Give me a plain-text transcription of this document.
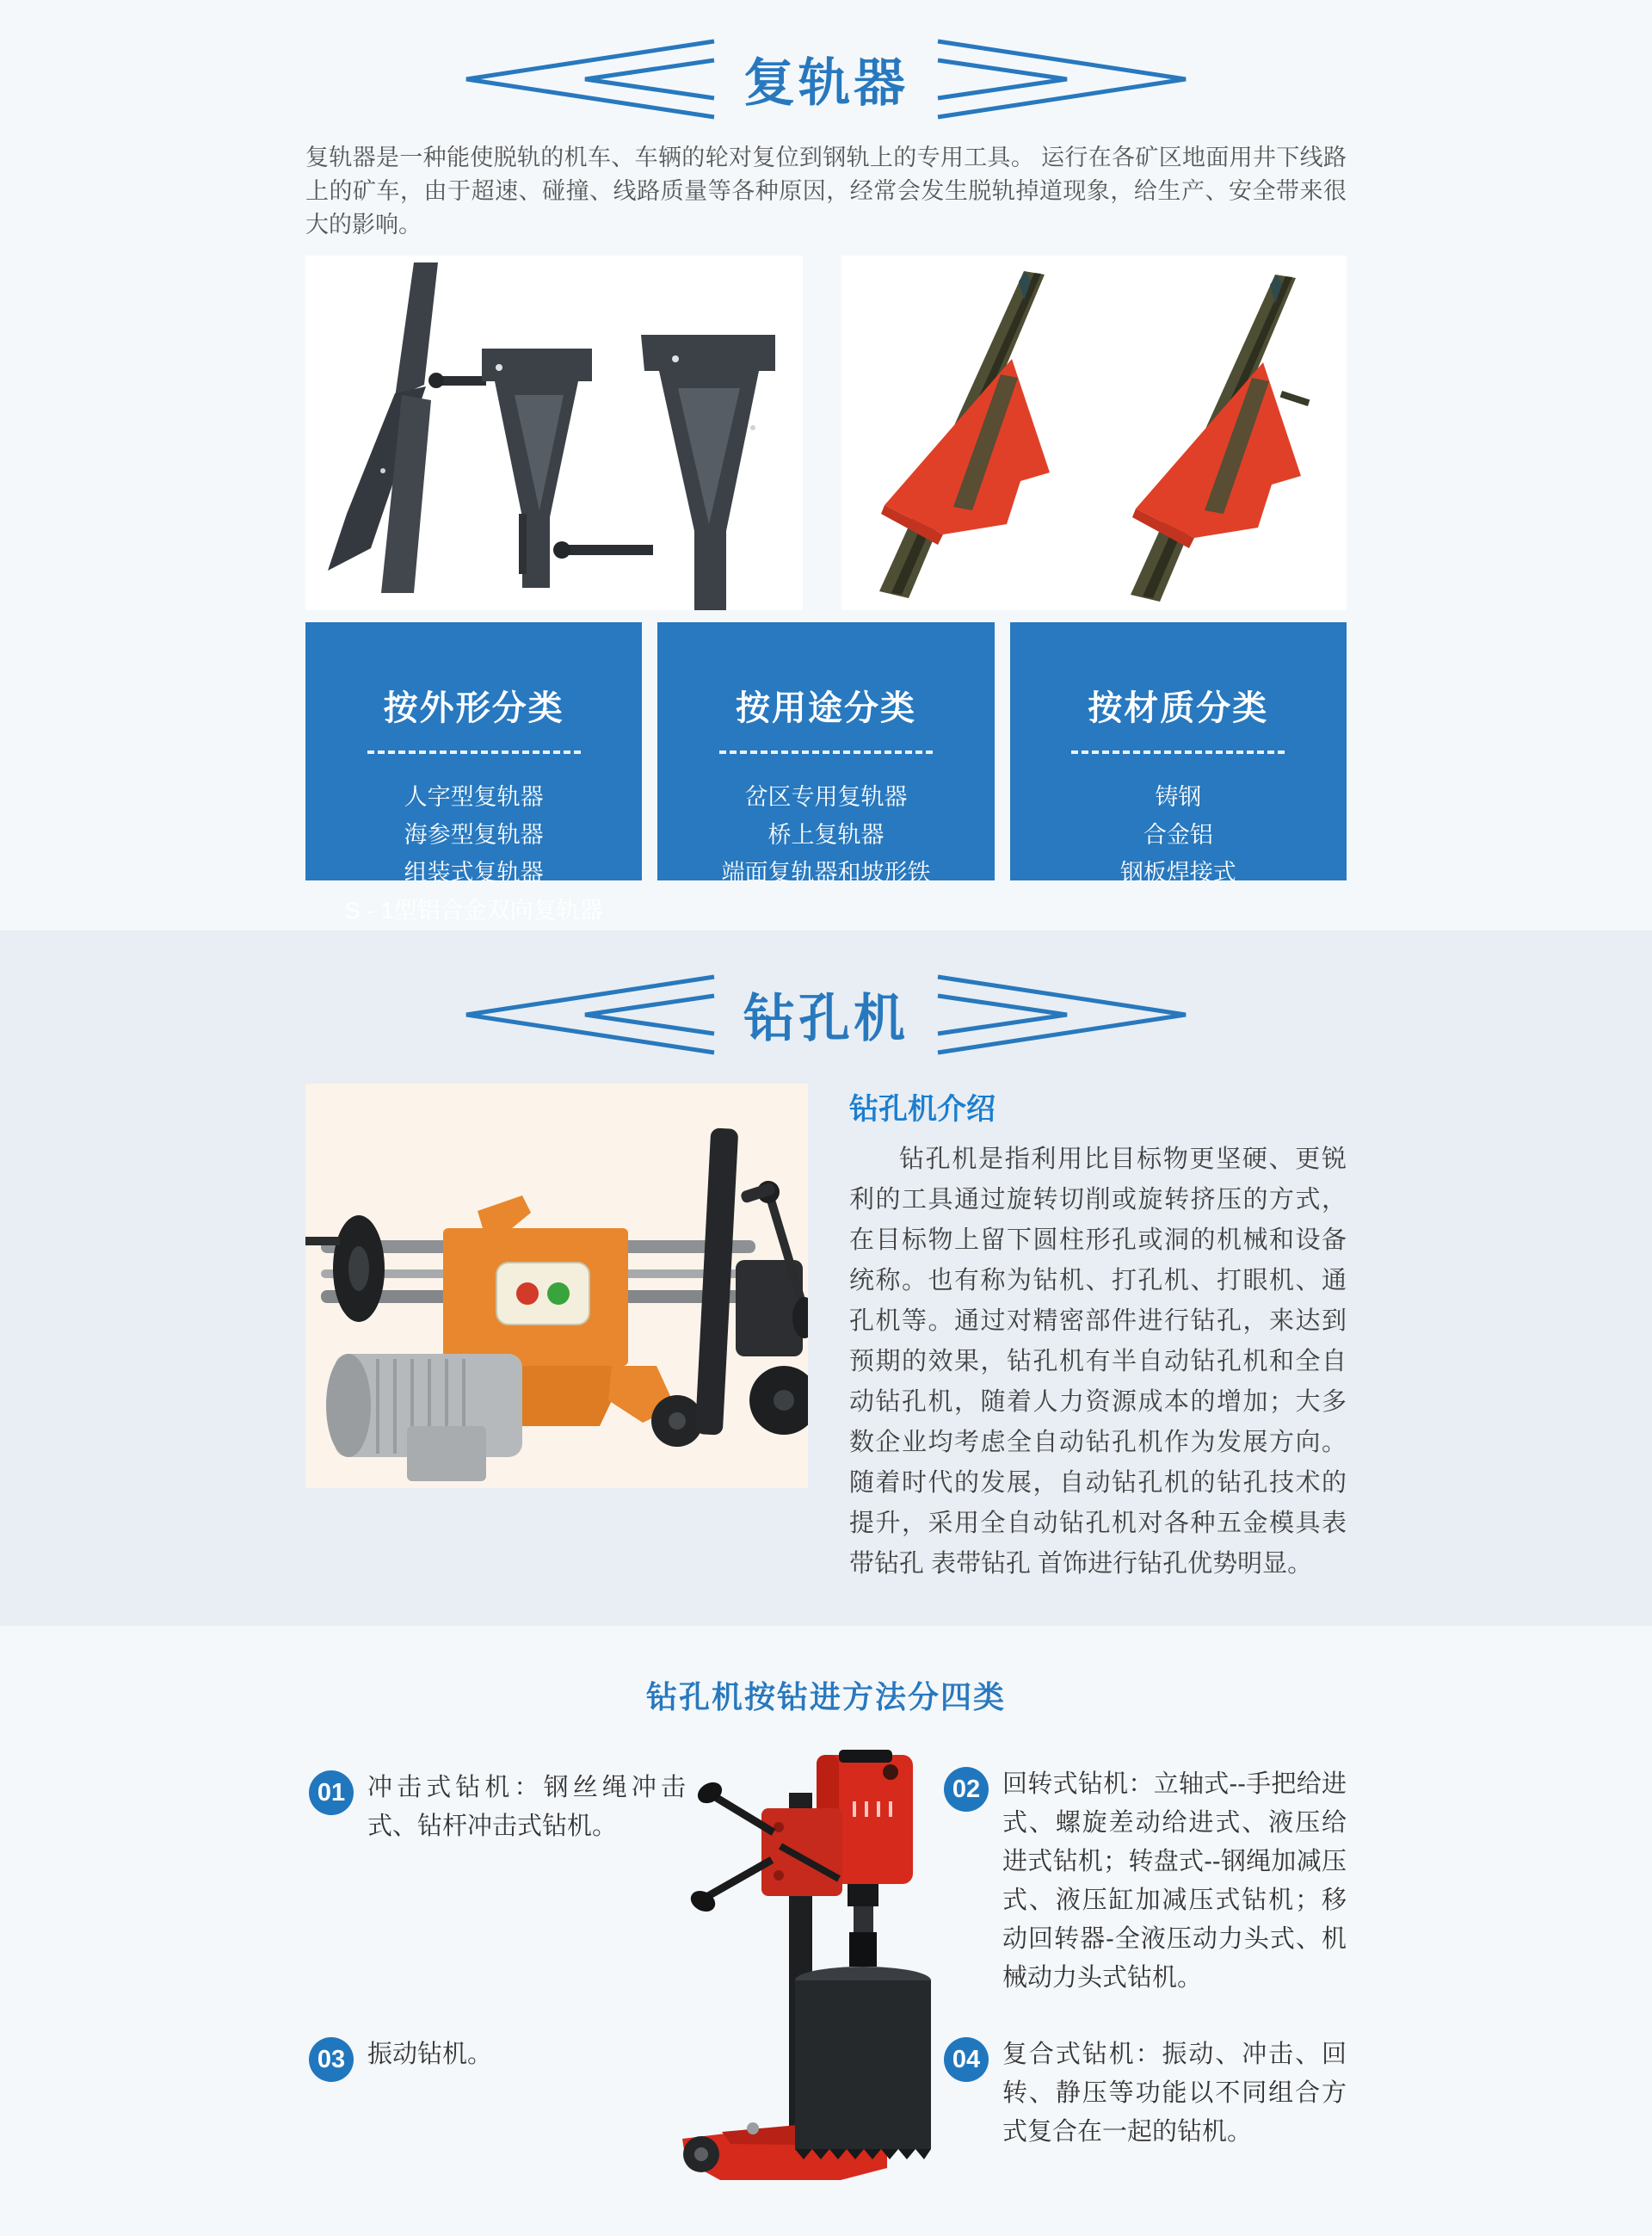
复轨器

复轨器是一种能使脱轨的机车、车辆的轮对复位到钢轨上的专用工具。 运行在各矿区地面用井下线路上的矿车，由于超速、碰撞、线路质量等各种原因，经常会发生脱轨掉道现象，给生产、安全带来很大的影响。

按外形分类
人字型复轨器
海参型复轨器
组装式复轨器
S - 1型铝合金双向复轨器
按用途分类
岔区专用复轨器
桥上复轨器
端面复轨器和坡形铁
按材质分类
铸钢
合金铝
钢板焊接式
钻孔机
钻孔机介绍

钻孔机是指利用比目标物更坚硬、更锐利的工具通过旋转切削或旋转挤压的方式，在目标物上留下圆柱形孔或洞的机械和设备统称。也有称为钻机、打孔机、打眼机、通孔机等。通过对精密部件进行钻孔，来达到预期的效果，钻孔机有半自动钻孔机和全自动钻孔机，随着人力资源成本的增加；大多数企业均考虑全自动钻孔机作为发展方向。随着时代的发展，自动钻孔机的钻孔技术的提升，采用全自动钻孔机对各种五金模具表带钻孔 表带钻孔 首饰进行钻孔优势明显。

钻孔机按钻进方法分四类
01 冲击式钻机：钢丝绳冲击式、钻杆冲击式钻机。
02 回转式钻机：立轴式--手把给进式、螺旋差动给进式、液压给进式钻机；转盘式--钢绳加减压式、液压缸加减压式钻机；移动回转器-全液压动力头式、机械动力头式钻机。
03 振动钻机。	04 复合式钻机：振动、冲击、回转、静压等功能以不同组合方式复合在一起的钻机。
